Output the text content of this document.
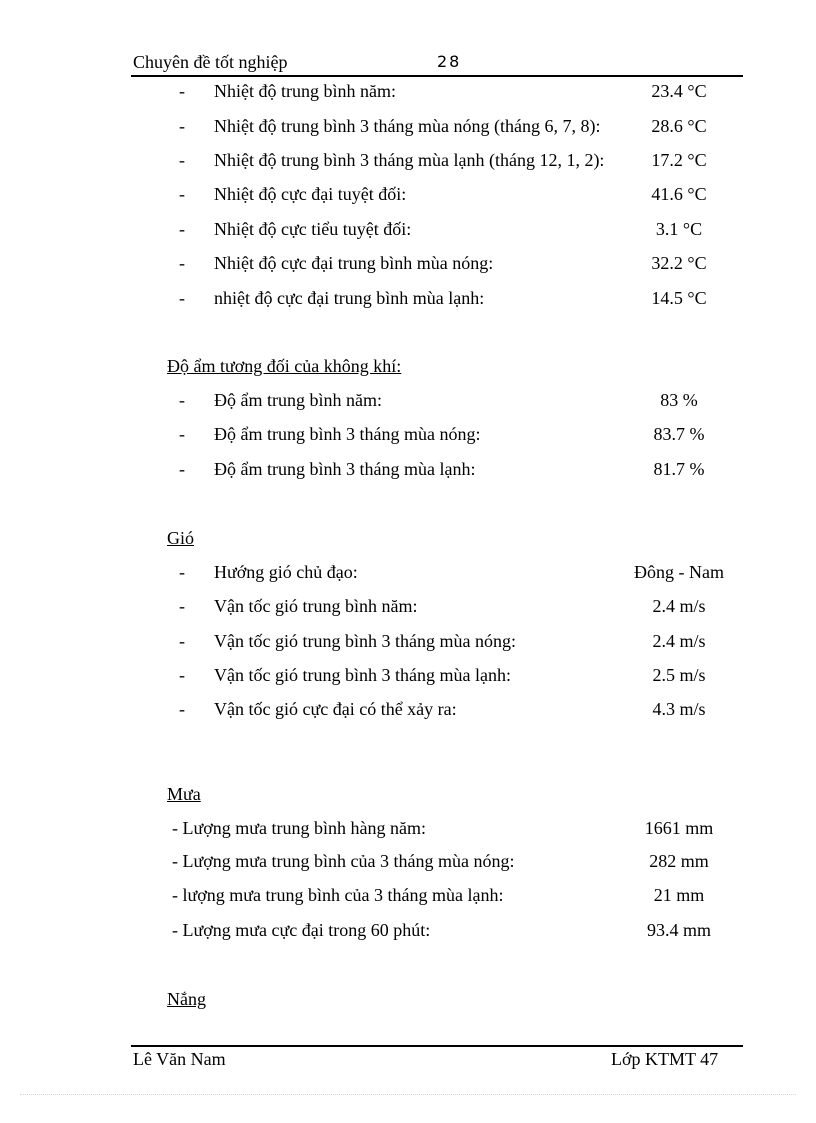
Chuyên đề tốt nghiệp	28
- Nhiệt độ trung bình năm:	23.4 °C
- Nhiệt độ trung bình 3 tháng mùa nóng (tháng 6, 7, 8):	28.6 °C
- Nhiệt độ trung bình 3 tháng mùa lạnh (tháng 12, 1, 2):	17.2 °C
- Nhiệt độ cực đại tuyệt đối:	41.6 °C
- Nhiệt độ cực tiểu tuyệt đối:	3.1 °C
- Nhiệt độ cực đại trung bình mùa nóng:	32.2 °C
- nhiệt độ cực đại trung bình mùa lạnh:	14.5 °C
Độ ẩm tương đối của không khí:
- Độ ẩm trung bình năm:	83 %
- Độ ẩm trung bình 3 tháng mùa nóng:	83.7 %
- Độ ẩm trung bình 3 tháng mùa lạnh:	81.7 %
Gió
- Hướng gió chủ đạo:	Đông - Nam
- Vận tốc gió trung bình năm:	2.4 m/s
- Vận tốc gió trung bình 3 tháng mùa nóng:	2.4 m/s
- Vận tốc gió trung bình 3 tháng mùa lạnh:	2.5 m/s
- Vận tốc gió cực đại có thể xảy ra:	4.3 m/s
Mưa
- Lượng mưa trung bình hàng năm:	1661 mm
- Lượng mưa trung bình của 3 tháng mùa nóng:	282 mm
- lượng mưa trung bình của 3 tháng mùa lạnh:	21 mm
- Lượng mưa cực đại trong 60 phút:	93.4 mm
Nắng
Lê Văn Nam	Lớp KTMT 47
